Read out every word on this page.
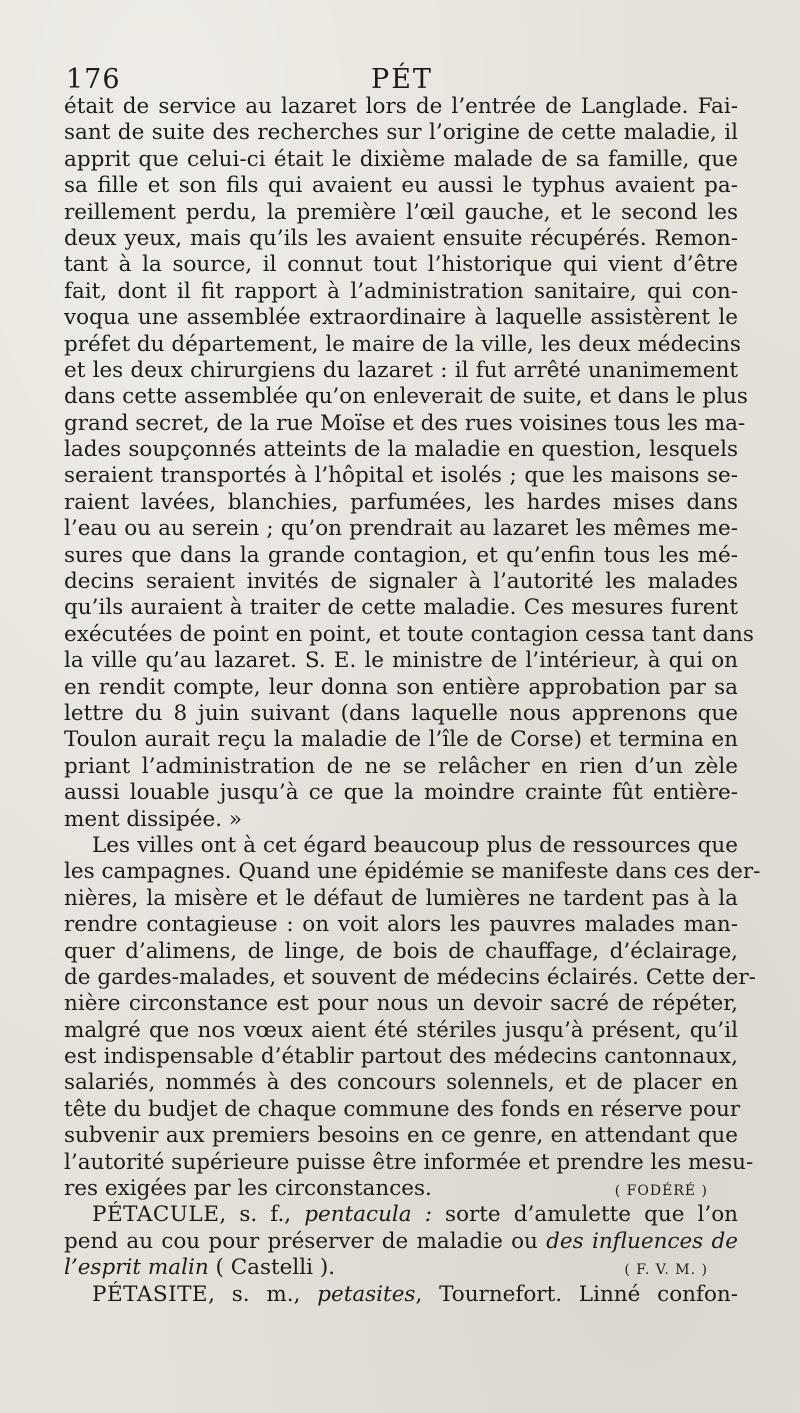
176	PÉT
était de service au lazaret lors de l’entrée de Langlade. Fai-
sant de suite des recherches sur l’origine de cette maladie, il
apprit que celui-ci était le dixième malade de sa famille, que
sa fille et son fils qui avaient eu aussi le typhus avaient pa-
reillement perdu, la première l’œil gauche, et le second les
deux yeux, mais qu’ils les avaient ensuite récupérés. Remon-
tant à la source, il connut tout l’historique qui vient d’être
fait, dont il fit rapport à l’administration sanitaire, qui con-
voqua une assemblée extraordinaire à laquelle assistèrent le
préfet du département, le maire de la ville, les deux médecins
et les deux chirurgiens du lazaret : il fut arrêté unanimement
dans cette assemblée qu’on enleverait de suite, et dans le plus
grand secret, de la rue Moïse et des rues voisines tous les ma-
lades soupçonnés atteints de la maladie en question, lesquels
seraient transportés à l’hôpital et isolés ; que les maisons se-
raient lavées, blanchies, parfumées, les hardes mises dans
l’eau ou au serein ; qu’on prendrait au lazaret les mêmes me-
sures que dans la grande contagion, et qu’enfin tous les mé-
decins seraient invités de signaler à l’autorité les malades
qu’ils auraient à traiter de cette maladie. Ces mesures furent
exécutées de point en point, et toute contagion cessa tant dans
la ville qu’au lazaret. S. E. le ministre de l’intérieur, à qui on
en rendit compte, leur donna son entière approbation par sa
lettre du 8 juin suivant (dans laquelle nous apprenons que
Toulon aurait reçu la maladie de l’île de Corse) et termina en
priant l’administration de ne se relâcher en rien d’un zèle
aussi louable jusqu’à ce que la moindre crainte fût entière-
ment dissipée. »
Les villes ont à cet égard beaucoup plus de ressources que
les campagnes. Quand une épidémie se manifeste dans ces der-
nières, la misère et le défaut de lumières ne tardent pas à la
rendre contagieuse : on voit alors les pauvres malades man-
quer d’alimens, de linge, de bois de chauffage, d’éclairage,
de gardes-malades, et souvent de médecins éclairés. Cette der-
nière circonstance est pour nous un devoir sacré de répéter,
malgré que nos vœux aient été stériles jusqu’à présent, qu’il
est indispensable d’établir partout des médecins cantonnaux,
salariés, nommés à des concours solennels, et de placer en
tête du budjet de chaque commune des fonds en réserve pour
subvenir aux premiers besoins en ce genre, en attendant que
l’autorité supérieure puisse être informée et prendre les mesu-
res exigées par les circonstances.	( FODÉRÉ )
PÉTACULE, s. f., pentacula : sorte d’amulette que l’on
pend au cou pour préserver de maladie ou des influences de
l’esprit malin ( Castelli ).	( F. V. M. )
PÉTASITE, s. m., petasites, Tournefort. Linné confon-
